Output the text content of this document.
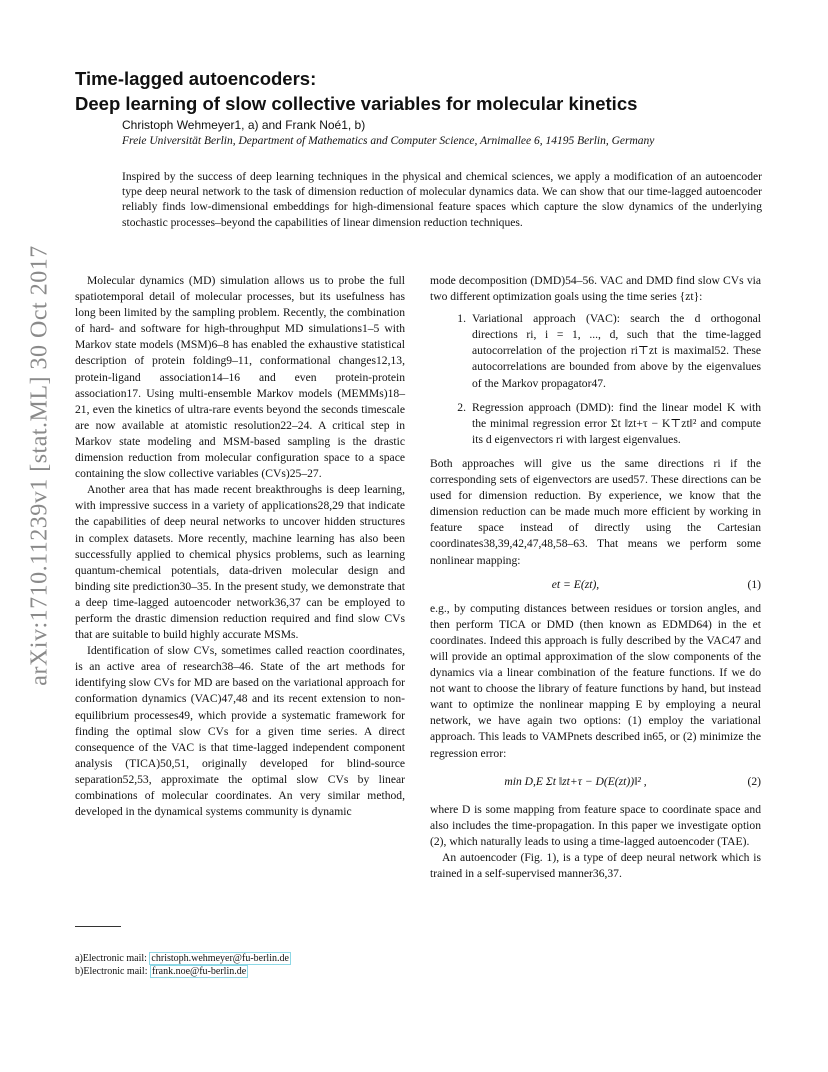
arXiv:1710.11239v1 [stat.ML] 30 Oct 2017
Time-lagged autoencoders:
Deep learning of slow collective variables for molecular kinetics
Christoph Wehmeyer1, a) and Frank Noé1, b)
Freie Universität Berlin, Department of Mathematics and Computer Science, Arnimallee 6, 14195 Berlin, Germany
Inspired by the success of deep learning techniques in the physical and chemical sciences, we apply a modification of an autoencoder type deep neural network to the task of dimension reduction of molecular dynamics data. We can show that our time-lagged autoencoder reliably finds low-dimensional embeddings for high-dimensional feature spaces which capture the slow dynamics of the underlying stochastic processes–beyond the capabilities of linear dimension reduction techniques.

Molecular dynamics (MD) simulation allows us to probe the full spatiotemporal detail of molecular processes, but its usefulness has long been limited by the sampling problem. Recently, the combination of hard- and software for high-throughput MD simulations1–5 with Markov state models (MSM)6–8 has enabled the exhaustive statistical description of protein folding9–11, conformational changes12,13, protein-ligand association14–16 and even protein-protein association17. Using multi-ensemble Markov models (MEMMs)18–21, even the kinetics of ultra-rare events beyond the seconds timescale are now available at atomistic resolution22–24. A critical step in Markov state modeling and MSM-based sampling is the drastic dimension reduction from molecular configuration space to a space containing the slow collective variables (CVs)25–27.

Another area that has made recent breakthroughs is deep learning, with impressive success in a variety of applications28,29 that indicate the capabilities of deep neural networks to uncover hidden structures in complex datasets. More recently, machine learning has also been successfully applied to chemical physics problems, such as learning quantum-chemical potentials, data-driven molecular design and binding site prediction30–35. In the present study, we demonstrate that a deep time-lagged autoencoder network36,37 can be employed to perform the drastic dimension reduction required and find slow CVs that are suitable to build highly accurate MSMs.

Identification of slow CVs, sometimes called reaction coordinates, is an active area of research38–46. State of the art methods for identifying slow CVs for MD are based on the variational approach for conformation dynamics (VAC)47,48 and its recent extension to non-equilibrium processes49, which provide a systematic framework for finding the optimal slow CVs for a given time series. A direct consequence of the VAC is that time-lagged independent component analysis (TICA)50,51, originally developed for blind-source separation52,53, approximate the optimal slow CVs by linear combinations of molecular coordinates. An very similar method, developed in the dynamical systems community is dynamic

mode decomposition (DMD)54–56. VAC and DMD find slow CVs via two different optimization goals using the time series {zt}:

1. Variational approach (VAC): search the d orthogonal directions ri, i = 1, ..., d, such that the time-lagged autocorrelation of the projection ri⊤zt is maximal52. These autocorrelations are bounded from above by the eigenvalues of the Markov propagator47.
2. Regression approach (DMD): find the linear model K with the minimal regression error Σt ‖zt+τ − K⊤zt‖² and compute its d eigenvectors ri with largest eigenvalues.

Both approaches will give us the same directions ri if the corresponding sets of eigenvectors are used57. These directions can be used for dimension reduction. By experience, we know that the dimension reduction can be made much more efficient by working in feature space instead of directly using the Cartesian coordinates38,39,42,47,48,58–63. That means we perform some nonlinear mapping:

et = E(zt),	(1)

e.g., by computing distances between residues or torsion angles, and then perform TICA or DMD (then known as EDMD64) in the et coordinates. Indeed this approach is fully described by the VAC47 and will provide an optimal approximation of the slow components of the dynamics via a linear combination of the feature functions. If we do not want to choose the library of feature functions by hand, but instead want to optimize the nonlinear mapping E by employing a neural network, we have again two options: (1) employ the variational approach. This leads to VAMPnets described in65, or (2) minimize the regression error:

min D,E Σt ‖zt+τ − D(E(zt))‖² ,	(2)

where D is some mapping from feature space to coordinate space and also includes the time-propagation. In this paper we investigate option (2), which naturally leads to using a time-lagged autoencoder (TAE).

An autoencoder (Fig. 1), is a type of deep neural network which is trained in a self-supervised manner36,37.

a)Electronic mail: christoph.wehmeyer@fu-berlin.de
b)Electronic mail: frank.noe@fu-berlin.de
